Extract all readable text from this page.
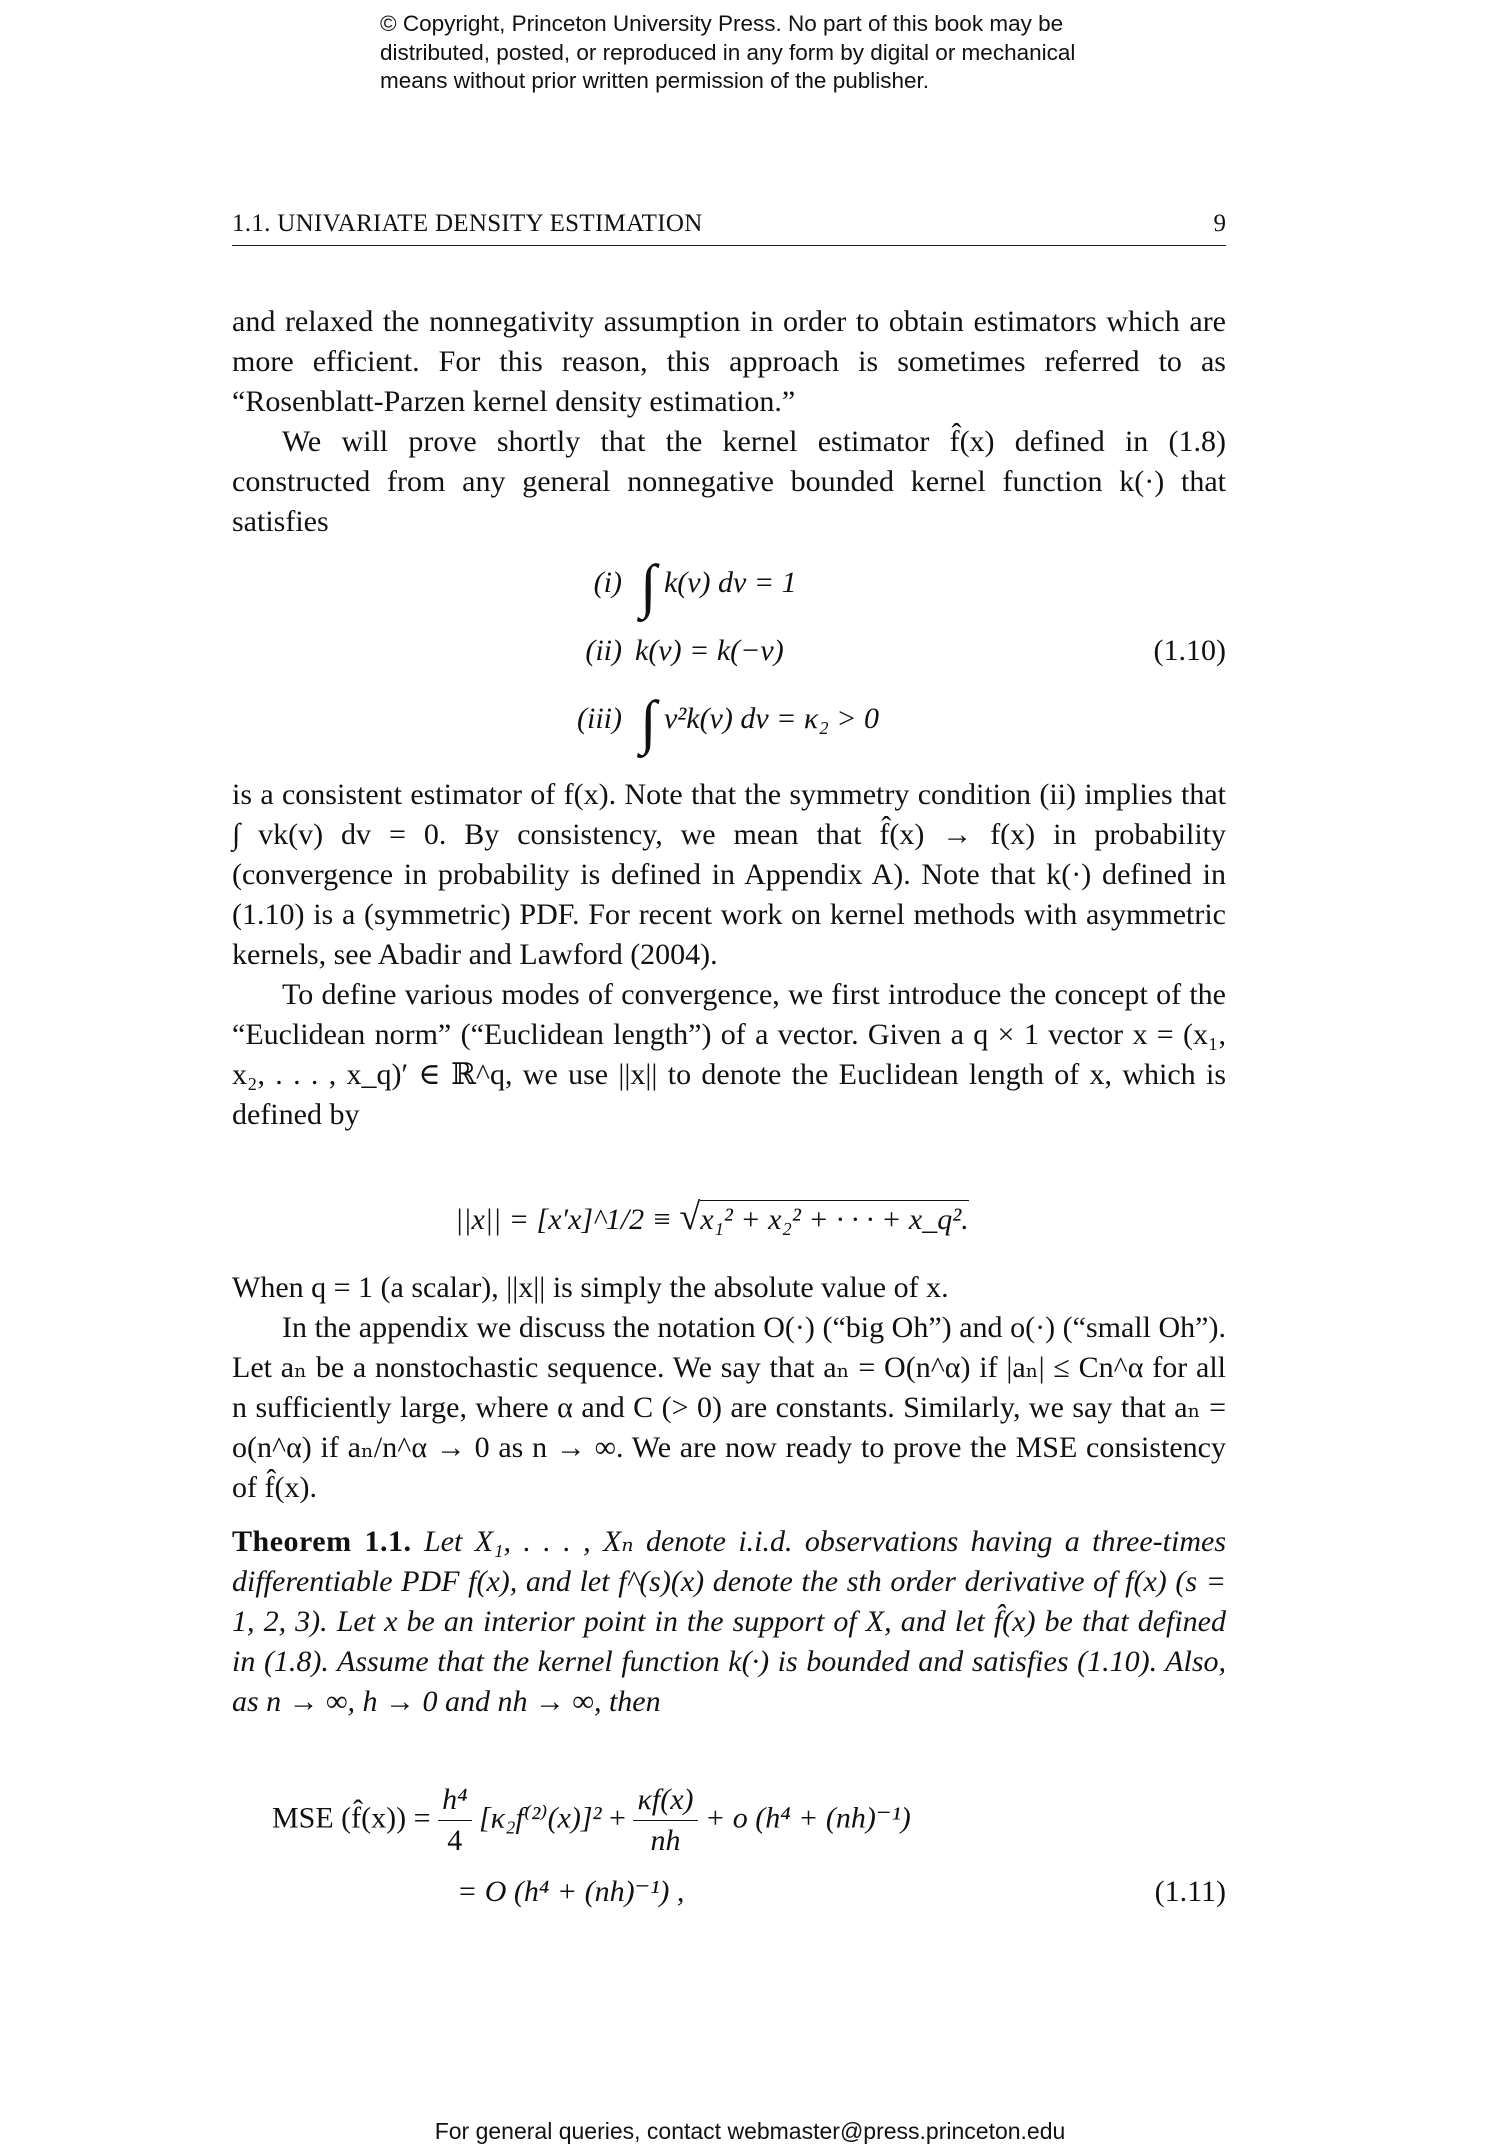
© Copyright, Princeton University Press. No part of this book may be
distributed, posted, or reproduced in any form by digital or mechanical
means without prior written permission of the publisher.
1.1. UNIVARIATE DENSITY ESTIMATION	9

and relaxed the nonnegativity assumption in order to obtain estimators which are more efficient. For this reason, this approach is sometimes referred to as “Rosenblatt-Parzen kernel density estimation.”

We will prove shortly that the kernel estimator f̂(x) defined in (1.8) constructed from any general nonnegative bounded kernel function k(·) that satisfies

(i) ∫ k(v) dv = 1
(ii) k(v) = k(−v)	(1.10)
(iii) ∫ v²k(v) dv = κ₂ > 0

is a consistent estimator of f(x). Note that the symmetry condition (ii) implies that ∫ vk(v) dv = 0. By consistency, we mean that f̂(x) → f(x) in probability (convergence in probability is defined in Appendix A). Note that k(·) defined in (1.10) is a (symmetric) PDF. For recent work on kernel methods with asymmetric kernels, see Abadir and Lawford (2004).

To define various modes of convergence, we first introduce the concept of the “Euclidean norm” (“Euclidean length”) of a vector. Given a q × 1 vector x = (x₁, x₂, . . . , x_q)′ ∈ ℝ^q, we use ||x|| to denote the Euclidean length of x, which is defined by

||x|| = [x′x]^1/2 ≡ √x₁² + x₂² + · · · + x_q².

When q = 1 (a scalar), ||x|| is simply the absolute value of x.

In the appendix we discuss the notation O(·) (“big Oh”) and o(·) (“small Oh”). Let aₙ be a nonstochastic sequence. We say that aₙ = O(n^α) if |aₙ| ≤ Cn^α for all n sufficiently large, where α and C (> 0) are constants. Similarly, we say that aₙ = o(n^α) if aₙ/n^α → 0 as n → ∞. We are now ready to prove the MSE consistency of f̂(x).

Theorem 1.1. Let X₁, . . . , Xₙ denote i.i.d. observations having a three-times differentiable PDF f(x), and let f^(s)(x) denote the sth order derivative of f(x) (s = 1, 2, 3). Let x be an interior point in the support of X, and let f̂(x) be that defined in (1.8). Assume that the kernel function k(·) is bounded and satisfies (1.10). Also, as n → ∞, h → 0 and nh → ∞, then

MSE (f̂(x)) = $\frac{\text{h⁴}}{4} [\kappa_2f^{(2)}(x)]^2 + \frac{\kappa f(x)}{nh} + o$ (h⁴ + (nh)⁻¹)
= O (h⁴ + (nh)⁻¹) ,	(1.11)
For general queries, contact webmaster@press.princeton.edu
